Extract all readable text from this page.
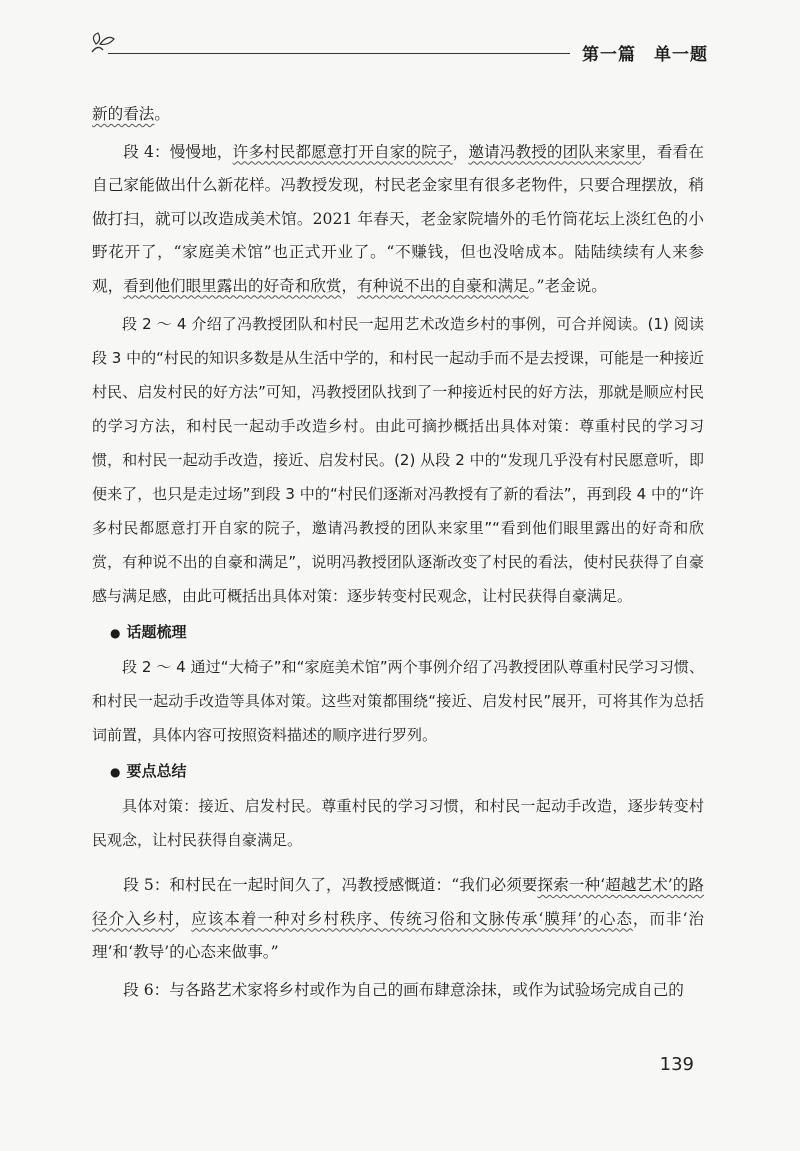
第一篇　单一题

新的看法。

段 4：慢慢地，许多村民都愿意打开自家的院子，邀请冯教授的团队来家里，看看在自己家能做出什么新花样。冯教授发现，村民老金家里有很多老物件，只要合理摆放，稍做打扫，就可以改造成美术馆。2021 年春天，老金家院墙外的毛竹筒花坛上淡红色的小野花开了，“家庭美术馆”也正式开业了。“不赚钱，但也没啥成本。陆陆续续有人来参观，看到他们眼里露出的好奇和欣赏，有种说不出的自豪和满足。”老金说。

段 2 ～ 4 介绍了冯教授团队和村民一起用艺术改造乡村的事例，可合并阅读。(1) 阅读段 3 中的“村民的知识多数是从生活中学的，和村民一起动手而不是去授课，可能是一种接近村民、启发村民的好方法”可知，冯教授团队找到了一种接近村民的好方法，那就是顺应村民的学习方法，和村民一起动手改造乡村。由此可摘抄概括出具体对策：尊重村民的学习习惯，和村民一起动手改造，接近、启发村民。(2) 从段 2 中的“发现几乎没有村民愿意听，即便来了，也只是走过场”到段 3 中的“村民们逐渐对冯教授有了新的看法”，再到段 4 中的“许多村民都愿意打开自家的院子，邀请冯教授的团队来家里”“看到他们眼里露出的好奇和欣赏，有种说不出的自豪和满足”，说明冯教授团队逐渐改变了村民的看法，使村民获得了自豪感与满足感，由此可概括出具体对策：逐步转变村民观念，让村民获得自豪满足。

● 话题梳理

段 2 ～ 4 通过“大椅子”和“家庭美术馆”两个事例介绍了冯教授团队尊重村民学习习惯、和村民一起动手改造等具体对策。这些对策都围绕“接近、启发村民”展开，可将其作为总括词前置，具体内容可按照资料描述的顺序进行罗列。

● 要点总结

具体对策：接近、启发村民。尊重村民的学习习惯，和村民一起动手改造，逐步转变村民观念，让村民获得自豪满足。

段 5：和村民在一起时间久了，冯教授感慨道：“我们必须要探索一种‘超越艺术’的路径介入乡村，应该本着一种对乡村秩序、传统习俗和文脉传承‘膜拜’的心态，而非‘治理’和‘教导’的心态来做事。”

段 6：与各路艺术家将乡村或作为自己的画布肆意涂抹，或作为试验场完成自己的

139
